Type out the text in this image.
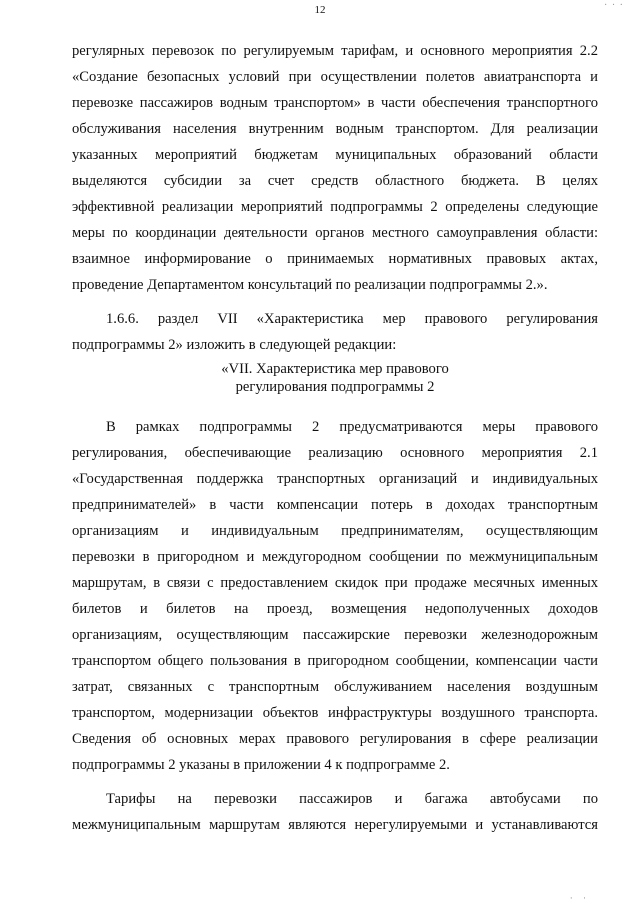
· · ·
12
регулярных перевозок по регулируемым тарифам, и основного мероприятия 2.2
«Создание безопасных условий при осуществлении полетов авиатранспорта и
перевозке пассажиров водным транспортом» в части обеспечения транспортного
обслуживания населения внутренним водным транспортом. Для реализации
указанных мероприятий бюджетам муниципальных образований области
выделяются субсидии за счет средств областного бюджета. В целях
эффективной реализации мероприятий подпрограммы 2 определены следующие
меры по координации деятельности органов местного самоуправления области:
взаимное информирование о принимаемых нормативных правовых актах,
проведение Департаментом консультаций по реализации подпрограммы 2.».
1.6.6. раздел VII «Характеристика мер правового регулирования
подпрограммы 2» изложить в следующей редакции:
«VII. Характеристика мер правового
регулирования подпрограммы 2
В рамках подпрограммы 2 предусматриваются меры правового
регулирования, обеспечивающие реализацию основного мероприятия 2.1
«Государственная поддержка транспортных организаций и индивидуальных
предпринимателей» в части компенсации потерь в доходах транспортным
организациям и индивидуальным предпринимателям, осуществляющим
перевозки в пригородном и междугородном сообщении по межмуниципальным
маршрутам, в связи с предоставлением скидок при продаже месячных именных
билетов и билетов на проезд, возмещения недополученных доходов
организациям, осуществляющим пассажирские перевозки железнодорожным
транспортом общего пользования в пригородном сообщении, компенсации части
затрат, связанных с транспортным обслуживанием населения воздушным
транспортом, модернизации объектов инфраструктуры воздушного транспорта.
Сведения об основных мерах правового регулирования в сфере реализации
подпрограммы 2 указаны в приложении 4 к подпрограмме 2.
Тарифы на перевозки пассажиров и багажа автобусами по
межмуниципальным маршрутам являются нерегулируемыми и устанавливаются
· ·
